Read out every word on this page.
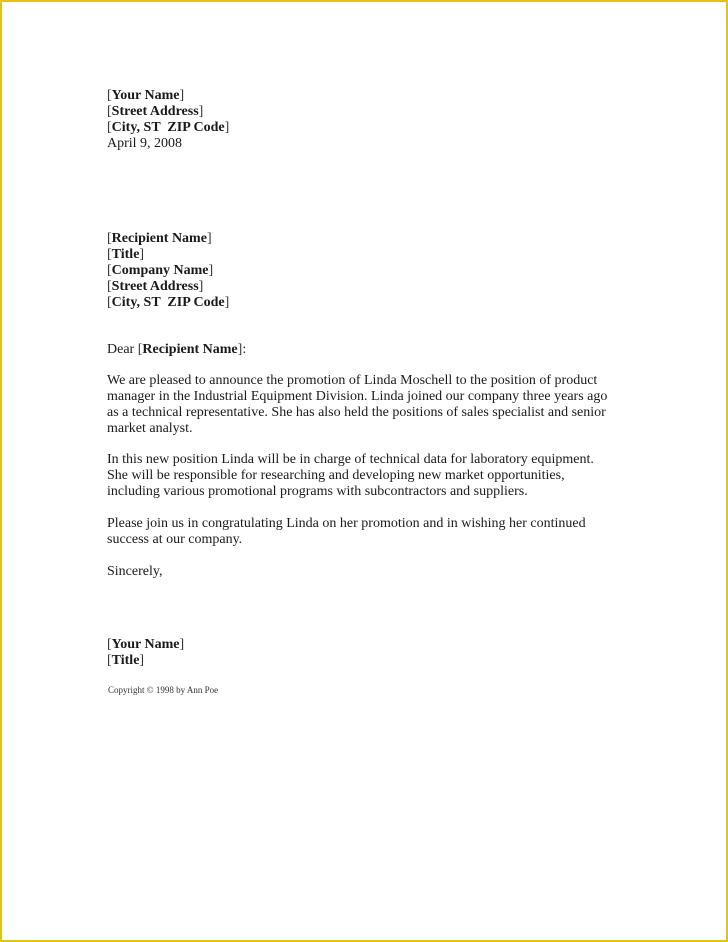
[Your Name]
[Street Address]
[City, ST  ZIP Code]
April 9, 2008
[Recipient Name]
[Title]
[Company Name]
[Street Address]
[City, ST  ZIP Code]
Dear [Recipient Name]:
We are pleased to announce the promotion of Linda Moschell to the position of product
manager in the Industrial Equipment Division. Linda joined our company three years ago
as a technical representative. She has also held the positions of sales specialist and senior
market analyst.
In this new position Linda will be in charge of technical data for laboratory equipment.
She will be responsible for researching and developing new market opportunities,
including various promotional programs with subcontractors and suppliers.
Please join us in congratulating Linda on her promotion and in wishing her continued
success at our company.
Sincerely,
[Your Name]
[Title]
Copyright © 1998 by Ann Poe
